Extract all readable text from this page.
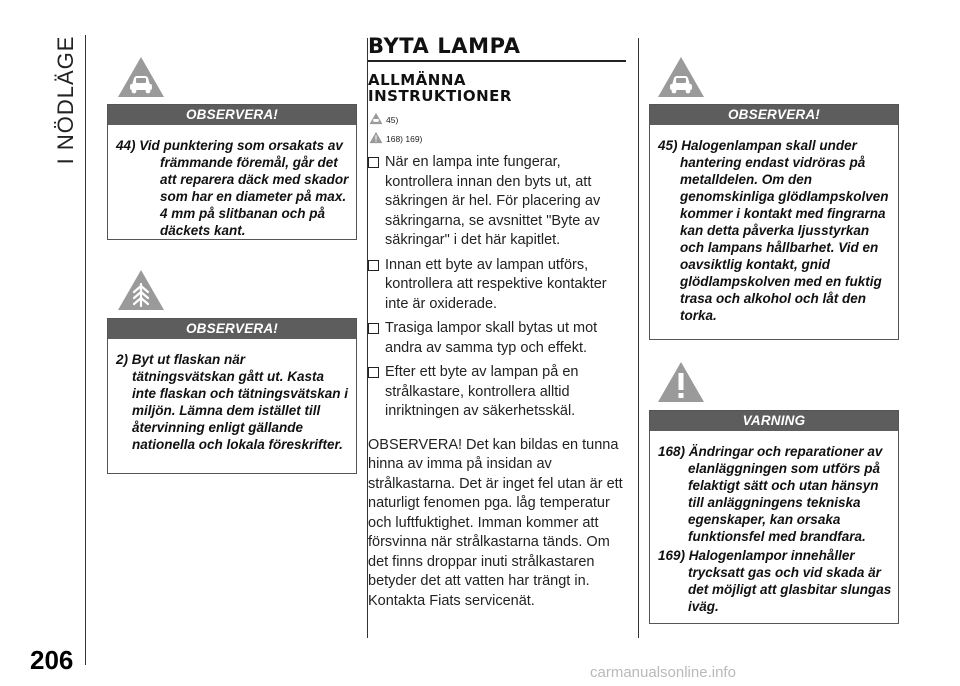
I NÖDLÄGE
206
OBSERVERA!
44) Vid punktering som orsakats av främmande föremål, går det att reparera däck med skador som har en diameter på max. 4 mm på slitbanan och på däckets kant.
OBSERVERA!
2) Byt ut flaskan när tätningsvätskan gått ut. Kasta inte flaskan och tätningsvätskan i miljön. Lämna dem istället till återvinning enligt gällande nationella och lokala föreskrifter.
BYTA LAMPA
ALLMÄNNA INSTRUKTIONER
45)
168) 169)
När en lampa inte fungerar, kontrollera innan den byts ut, att säkringen är hel. För placering av säkringarna, se avsnittet "Byte av säkringar" i det här kapitlet.
Innan ett byte av lampan utförs, kontrollera att respektive kontakter inte är oxiderade.
Trasiga lampor skall bytas ut mot andra av samma typ och effekt.
Efter ett byte av lampan på en strålkastare, kontrollera alltid inriktningen av säkerhetsskäl.
OBSERVERA! Det kan bildas en tunna hinna av imma på insidan av strålkastarna. Det är inget fel utan är ett naturligt fenomen pga. låg temperatur och luftfuktighet. Imman kommer att försvinna när strålkastarna tänds. Om det finns droppar inuti strålkastaren betyder det att vatten har trängt in. Kontakta Fiats servicenät.
OBSERVERA!
45) Halogenlampan skall under hantering endast vidröras på metalldelen. Om den genomskinliga glödlampskolven kommer i kontakt med fingrarna kan detta påverka ljusstyrkan och lampans hållbarhet. Vid en oavsiktlig kontakt, gnid glödlampskolven med en fuktig trasa och alkohol och låt den torka.
VARNING
168) Ändringar och reparationer av elanläggningen som utförs på felaktigt sätt och utan hänsyn till anläggningens tekniska egenskaper, kan orsaka funktionsfel med brandfara.
169) Halogenlampor innehåller trycksatt gas och vid skada är det möjligt att glasbitar slungas iväg.
carmanualsonline.info
